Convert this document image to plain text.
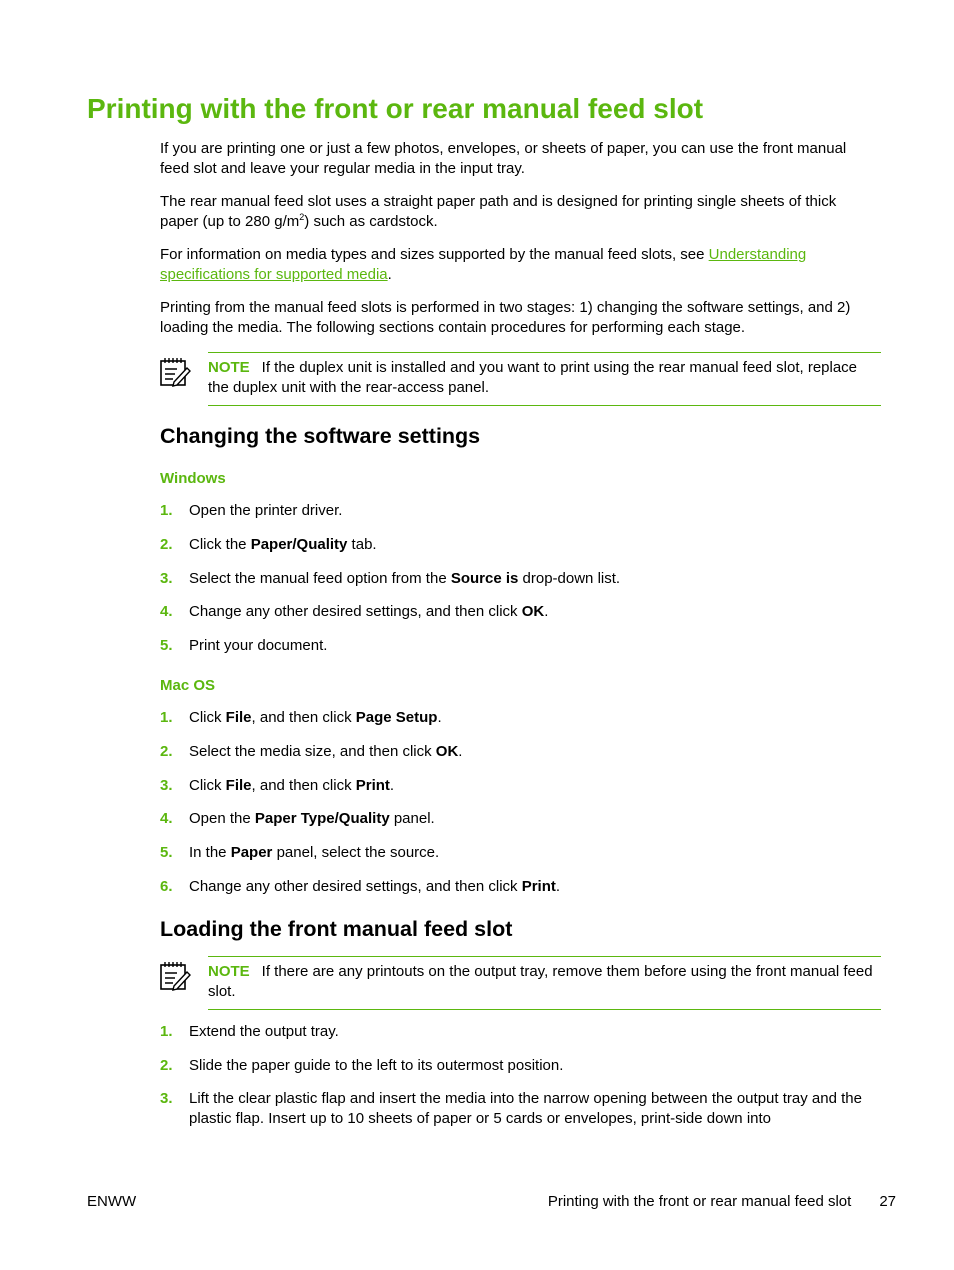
Printing with the front or rear manual feed slot

If you are printing one or just a few photos, envelopes, or sheets of paper, you can use the front manual feed slot and leave your regular media in the input tray.

The rear manual feed slot uses a straight paper path and is designed for printing single sheets of thick paper (up to 280 $g/m^2$) such as cardstock.

For information on media types and sizes supported by the manual feed slots, see Understanding specifications for supported media.

Printing from the manual feed slots is performed in two stages: 1) changing the software settings, and 2) loading the media. The following sections contain procedures for performing each stage.

NOTE If the duplex unit is installed and you want to print using the rear manual feed slot, replace the duplex unit with the rear-access panel.
Changing the software settings
Windows
1. Open the printer driver.
2. Click the Paper/Quality tab.
3. Select the manual feed option from the Source is drop-down list.
4. Change any other desired settings, and then click OK.
5. Print your document.
Mac OS
1. Click File, and then click Page Setup.
2. Select the media size, and then click OK.
3. Click File, and then click Print.
4. Open the Paper Type/Quality panel.
5. In the Paper panel, select the source.
6. Change any other desired settings, and then click Print.
Loading the front manual feed slot
NOTE If there are any printouts on the output tray, remove them before using the front manual feed slot.
1. Extend the output tray.
2. Slide the paper guide to the left to its outermost position.
3. Lift the clear plastic flap and insert the media into the narrow opening between the output tray and the plastic flap. Insert up to 10 sheets of paper or 5 cards or envelopes, print-side down into
ENWW	Printing with the front or rear manual feed slot 27
